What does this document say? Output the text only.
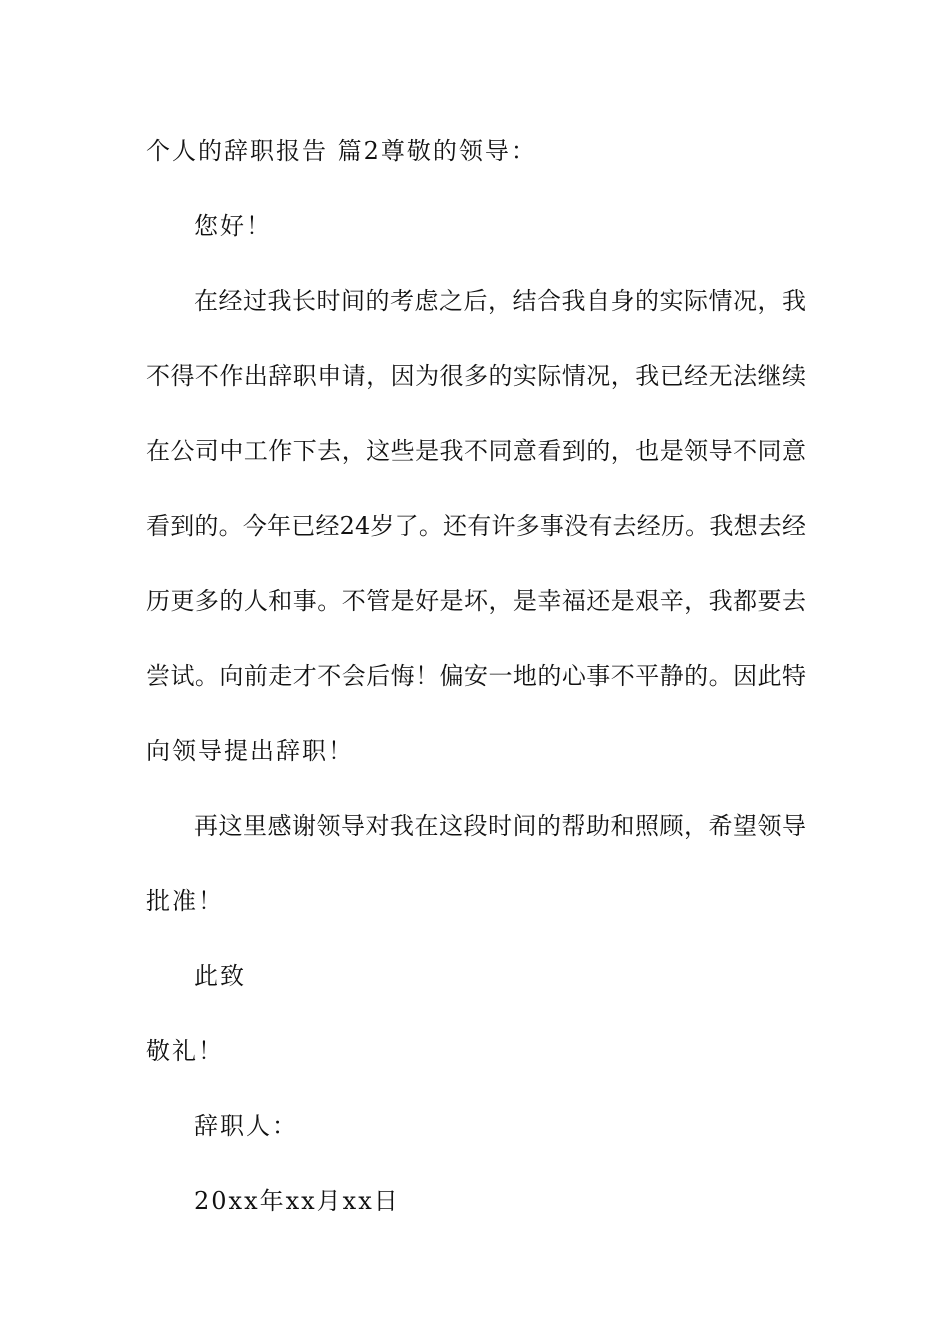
个人的辞职报告 篇2尊敬的领导：
您好！
在经过我长时间的考虑之后，结合我自身的实际情况，我
不得不作出辞职申请，因为很多的实际情况，我已经无法继续
在公司中工作下去，这些是我不同意看到的，也是领导不同意
看到的。今年已经24岁了。还有许多事没有去经历。我想去经
历更多的人和事。不管是好是坏，是幸福还是艰辛，我都要去
尝试。向前走才不会后悔！偏安一地的心事不平静的。因此特
向领导提出辞职！
再这里感谢领导对我在这段时间的帮助和照顾，希望领导
批准！
此致
敬礼！
辞职人：
20xx年xx月xx日
